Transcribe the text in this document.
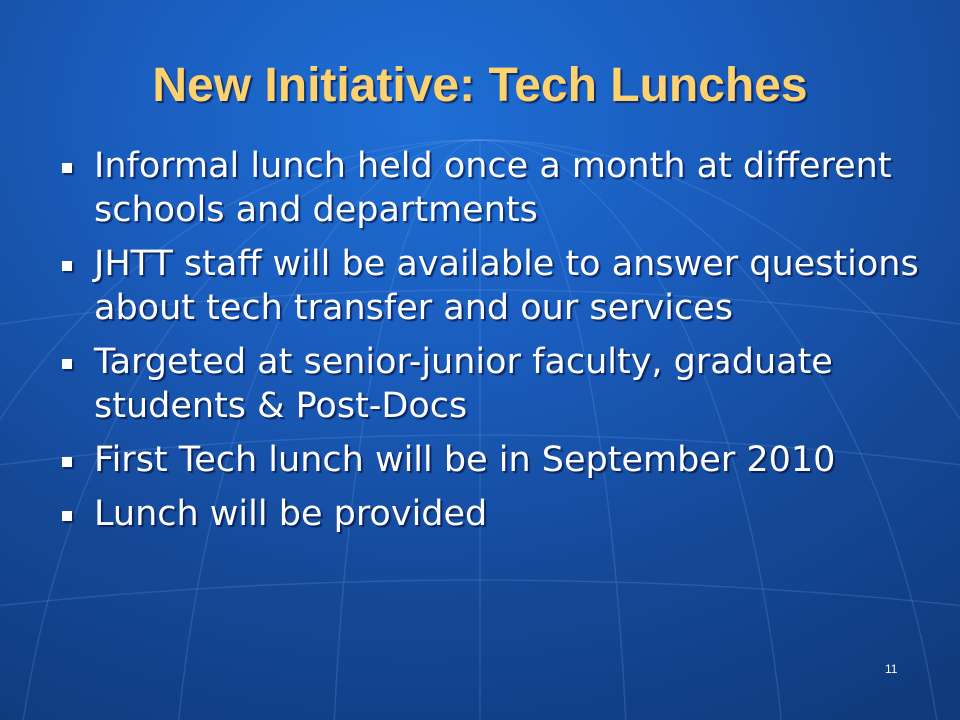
New Initiative: Tech Lunches
Informal lunch held once a month at different schools and departments
JHTT staff will be available to answer questions about tech transfer and our services
Targeted at senior-junior faculty, graduate students & Post-Docs
First Tech lunch will be in September 2010
Lunch will be provided
11
